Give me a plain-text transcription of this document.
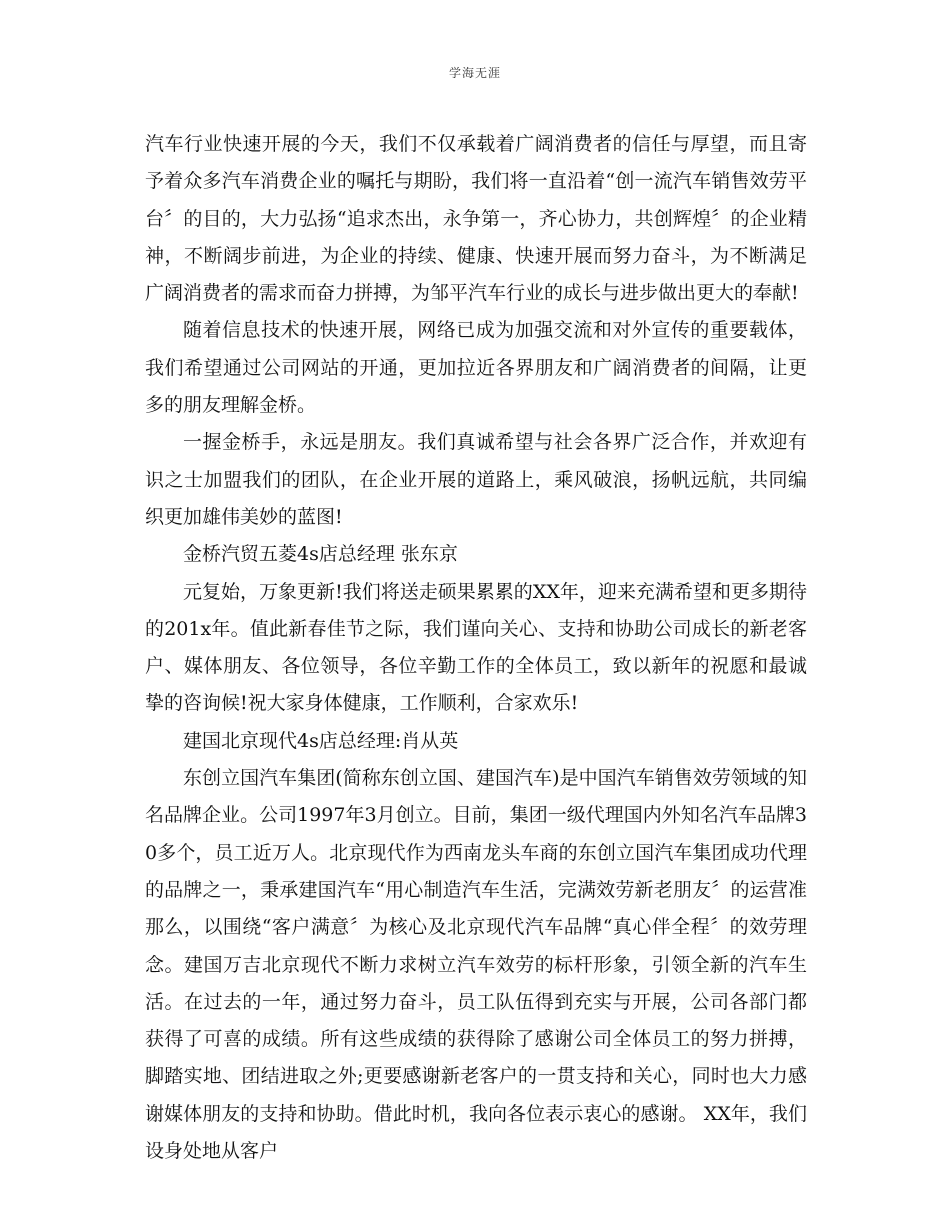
学海无涯

汽车行业快速开展的今天，我们不仅承载着广阔消费者的信任与厚望，而且寄予着众多汽车消费企业的嘱托与期盼，我们将一直沿着“创一流汽车销售效劳平台〞的目的，大力弘扬“追求杰出，永争第一，齐心协力，共创辉煌〞的企业精神，不断阔步前进，为企业的持续、健康、快速开展而努力奋斗，为不断满足广阔消费者的需求而奋力拼搏，为邹平汽车行业的成长与进步做出更大的奉献!

随着信息技术的快速开展，网络已成为加强交流和对外宣传的重要载体，我们希望通过公司网站的开通，更加拉近各界朋友和广阔消费者的间隔，让更多的朋友理解金桥。

一握金桥手，永远是朋友。我们真诚希望与社会各界广泛合作，并欢迎有识之士加盟我们的团队，在企业开展的道路上，乘风破浪，扬帆远航，共同编织更加雄伟美妙的蓝图!

金桥汽贸五菱4s店总经理 张东京

元复始，万象更新!我们将送走硕果累累的XX年，迎来充满希望和更多期待的201x年。值此新春佳节之际，我们谨向关心、支持和协助公司成长的新老客户、媒体朋友、各位领导，各位辛勤工作的全体员工，致以新年的祝愿和最诚挚的咨询候!祝大家身体健康，工作顺利，合家欢乐!

建国北京现代4s店总经理:肖从英

东创立国汽车集团(简称东创立国、建国汽车)是中国汽车销售效劳领域的知名品牌企业。公司1997年3月创立。目前，集团一级代理国内外知名汽车品牌30多个，员工近万人。北京现代作为西南龙头车商的东创立国汽车集团成功代理的品牌之一，秉承建国汽车“用心制造汽车生活，完满效劳新老朋友〞的运营准那么，以围绕“客户满意〞为核心及北京现代汽车品牌“真心伴全程〞的效劳理念。建国万吉北京现代不断力求树立汽车效劳的标杆形象，引领全新的汽车生活。在过去的一年，通过努力奋斗，员工队伍得到充实与开展，公司各部门都获得了可喜的成绩。所有这些成绩的获得除了感谢公司全体员工的努力拼搏，脚踏实地、团结进取之外;更要感谢新老客户的一贯支持和关心，同时也大力感谢媒体朋友的支持和协助。借此时机，我向各位表示衷心的感谢。 XX年，我们设身处地从客户
